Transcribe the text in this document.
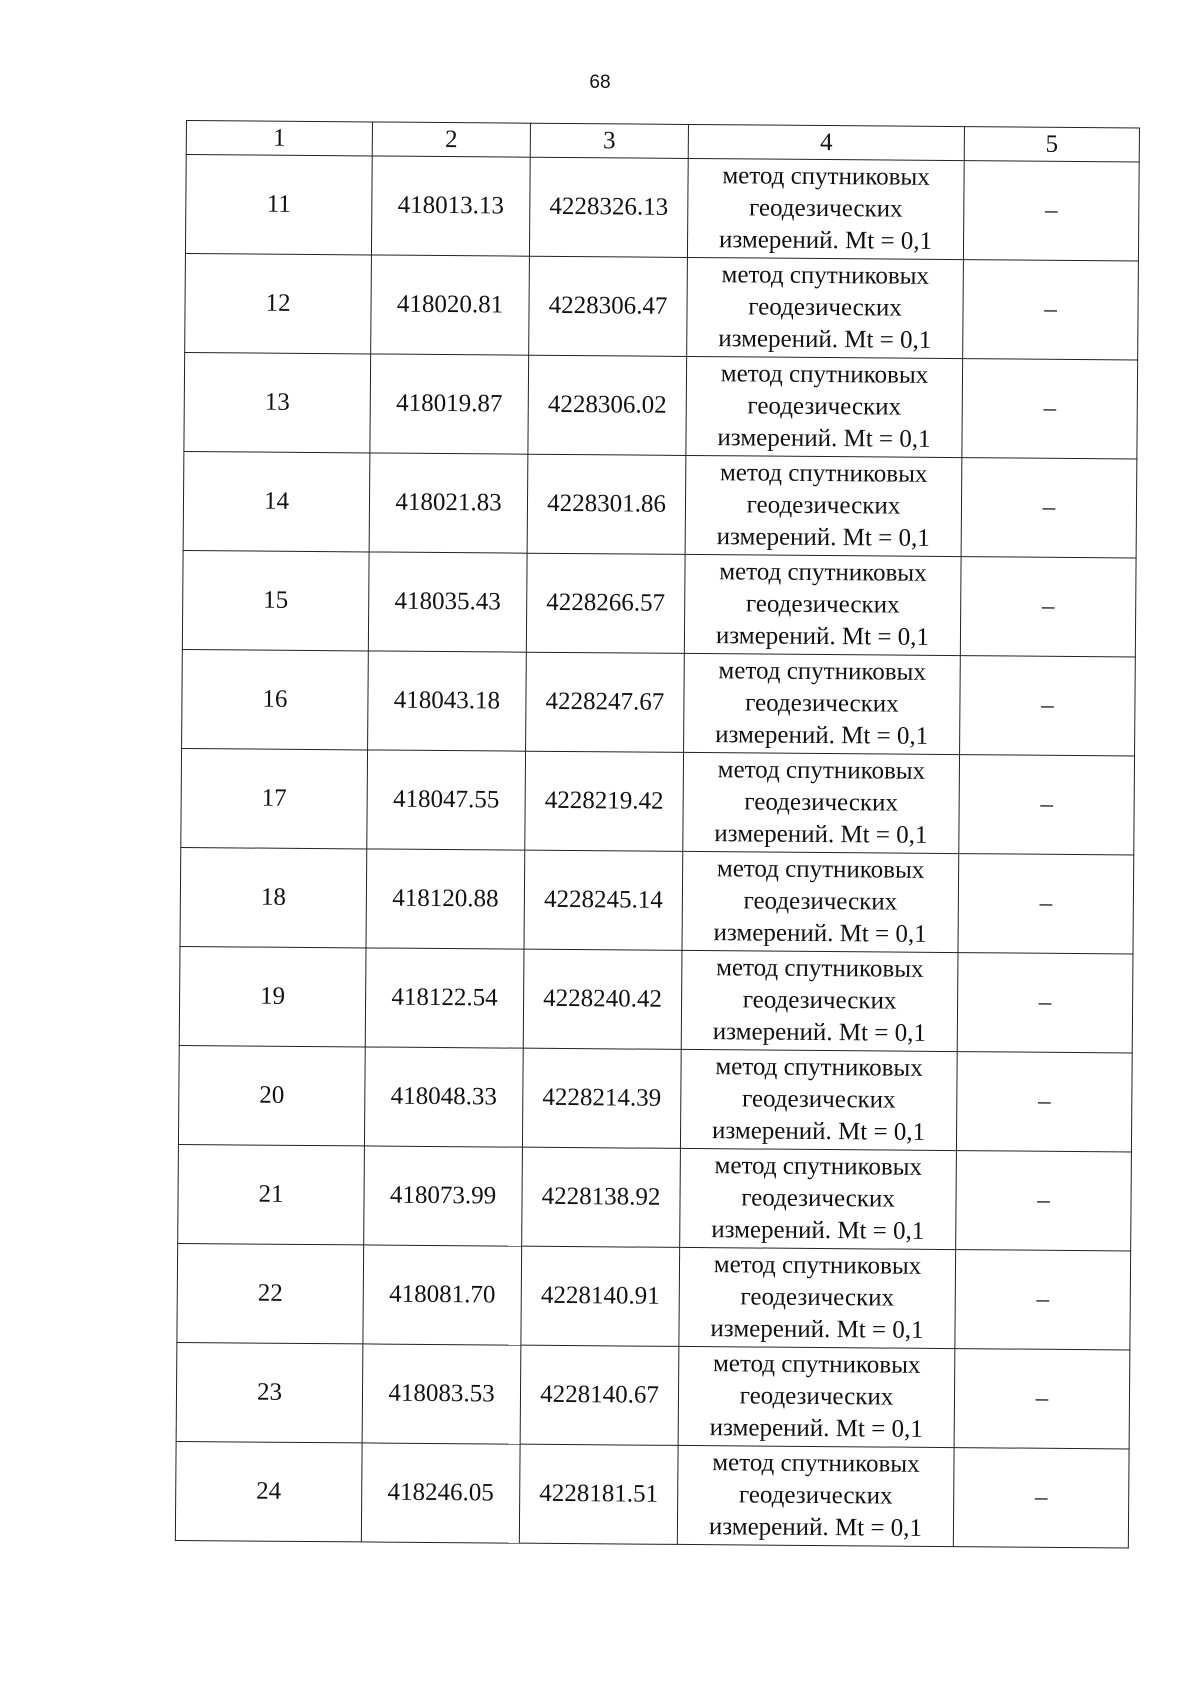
68
1	2	3	4	5
11	418013.13	4228326.13	метод спутниковых
геодезических
измерений. Mt = 0,1	–
12	418020.81	4228306.47	метод спутниковых
геодезических
измерений. Mt = 0,1	–
13	418019.87	4228306.02	метод спутниковых
геодезических
измерений. Mt = 0,1	–
14	418021.83	4228301.86	метод спутниковых
геодезических
измерений. Mt = 0,1	–
15	418035.43	4228266.57	метод спутниковых
геодезических
измерений. Mt = 0,1	–
16	418043.18	4228247.67	метод спутниковых
геодезических
измерений. Mt = 0,1	–
17	418047.55	4228219.42	метод спутниковых
геодезических
измерений. Mt = 0,1	–
18	418120.88	4228245.14	метод спутниковых
геодезических
измерений. Mt = 0,1	–
19	418122.54	4228240.42	метод спутниковых
геодезических
измерений. Mt = 0,1	–
20	418048.33	4228214.39	метод спутниковых
геодезических
измерений. Mt = 0,1	–
21	418073.99	4228138.92	метод спутниковых
геодезических
измерений. Mt = 0,1	–
22	418081.70	4228140.91	метод спутниковых
геодезических
измерений. Mt = 0,1	–
23	418083.53	4228140.67	метод спутниковых
геодезических
измерений. Mt = 0,1	–
24	418246.05	4228181.51	метод спутниковых
геодезических
измерений. Mt = 0,1	–
